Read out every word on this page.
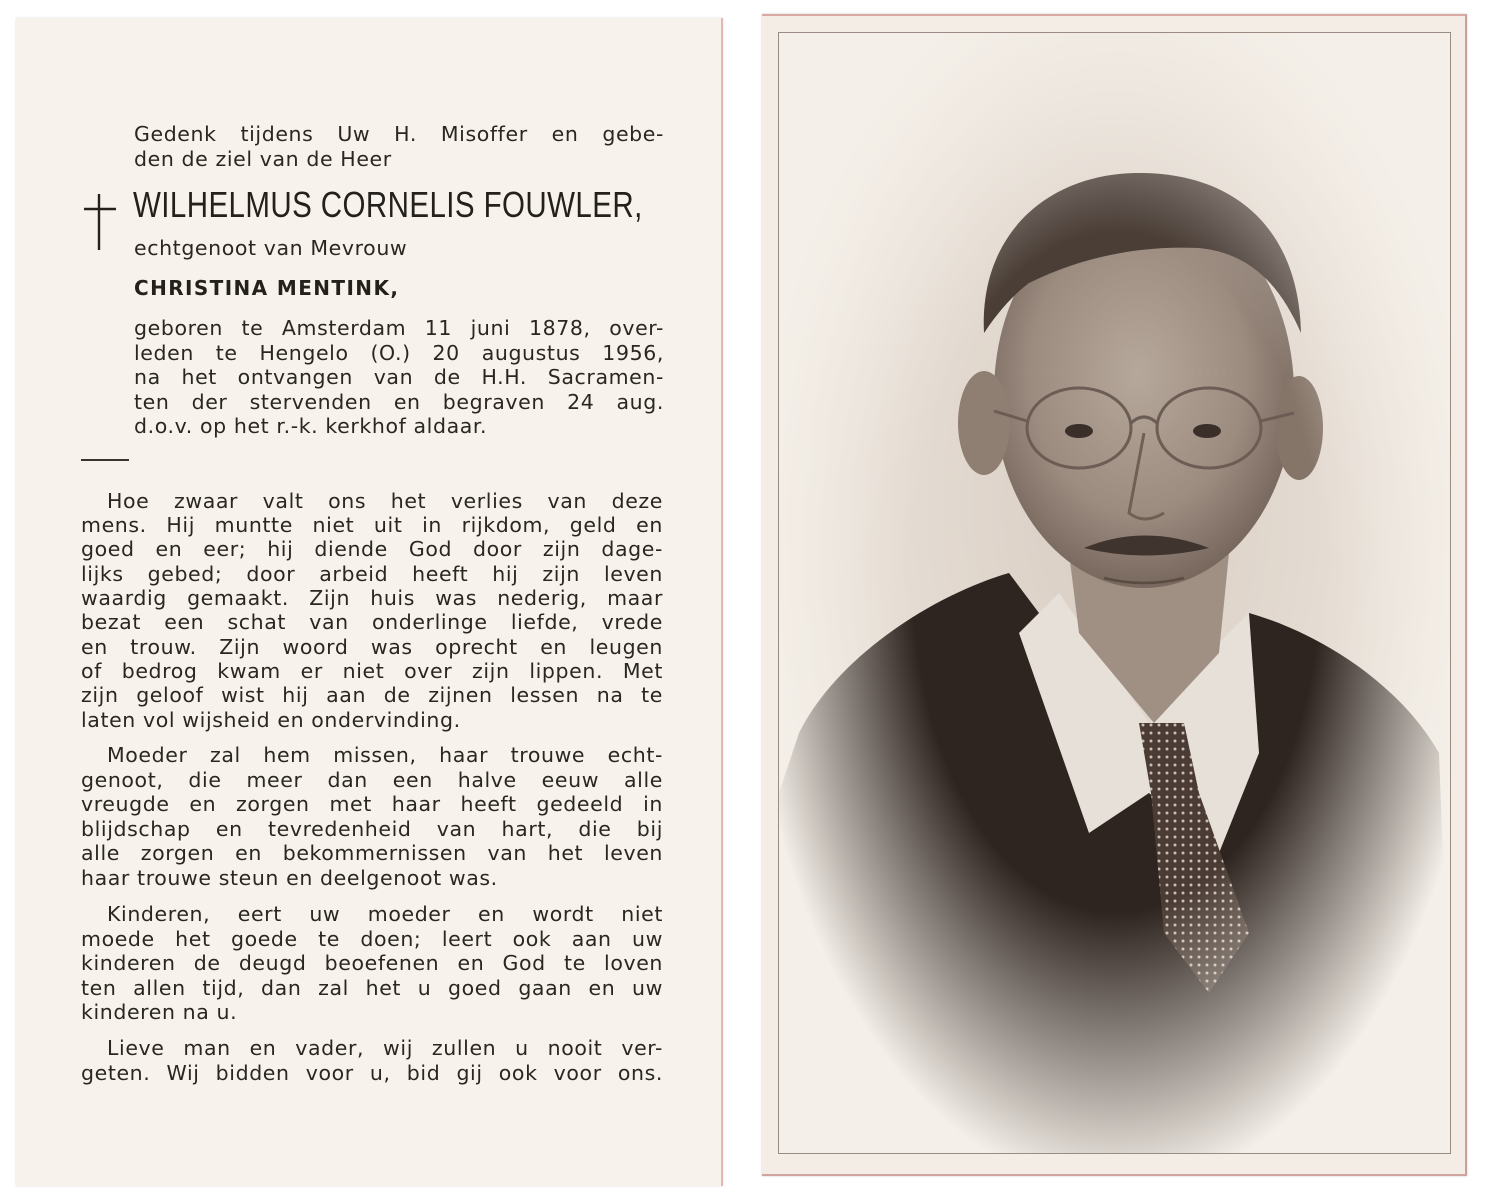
Gedenk tijdens Uw H. Misoffer en gebe-
den de ziel van de Heer
WILHELMUS CORNELIS FOUWLER,
echtgenoot van Mevrouw
CHRISTINA MENTINK,
geboren te Amsterdam 11 juni 1878, over-
leden te Hengelo (O.) 20 augustus 1956,
na het ontvangen van de H.H. Sacramen-
ten der stervenden en begraven 24 aug.
d.o.v. op het r.-k. kerkhof aldaar.
Hoe zwaar valt ons het verlies van deze
mens. Hij muntte niet uit in rijkdom, geld en
goed en eer; hij diende God door zijn dage-
lijks gebed; door arbeid heeft hij zijn leven
waardig gemaakt. Zijn huis was nederig, maar
bezat een schat van onderlinge liefde, vrede
en trouw. Zijn woord was oprecht en leugen
of bedrog kwam er niet over zijn lippen. Met
zijn geloof wist hij aan de zijnen lessen na te
laten vol wijsheid en ondervinding.
Moeder zal hem missen, haar trouwe echt-
genoot, die meer dan een halve eeuw alle
vreugde en zorgen met haar heeft gedeeld in
blijdschap en tevredenheid van hart, die bij
alle zorgen en bekommernissen van het leven
haar trouwe steun en deelgenoot was.
Kinderen, eert uw moeder en wordt niet
moede het goede te doen; leert ook aan uw
kinderen de deugd beoefenen en God te loven
ten allen tijd, dan zal het u goed gaan en uw
kinderen na u.
Lieve man en vader, wij zullen u nooit ver-
geten. Wij bidden voor u, bid gij ook voor ons.
